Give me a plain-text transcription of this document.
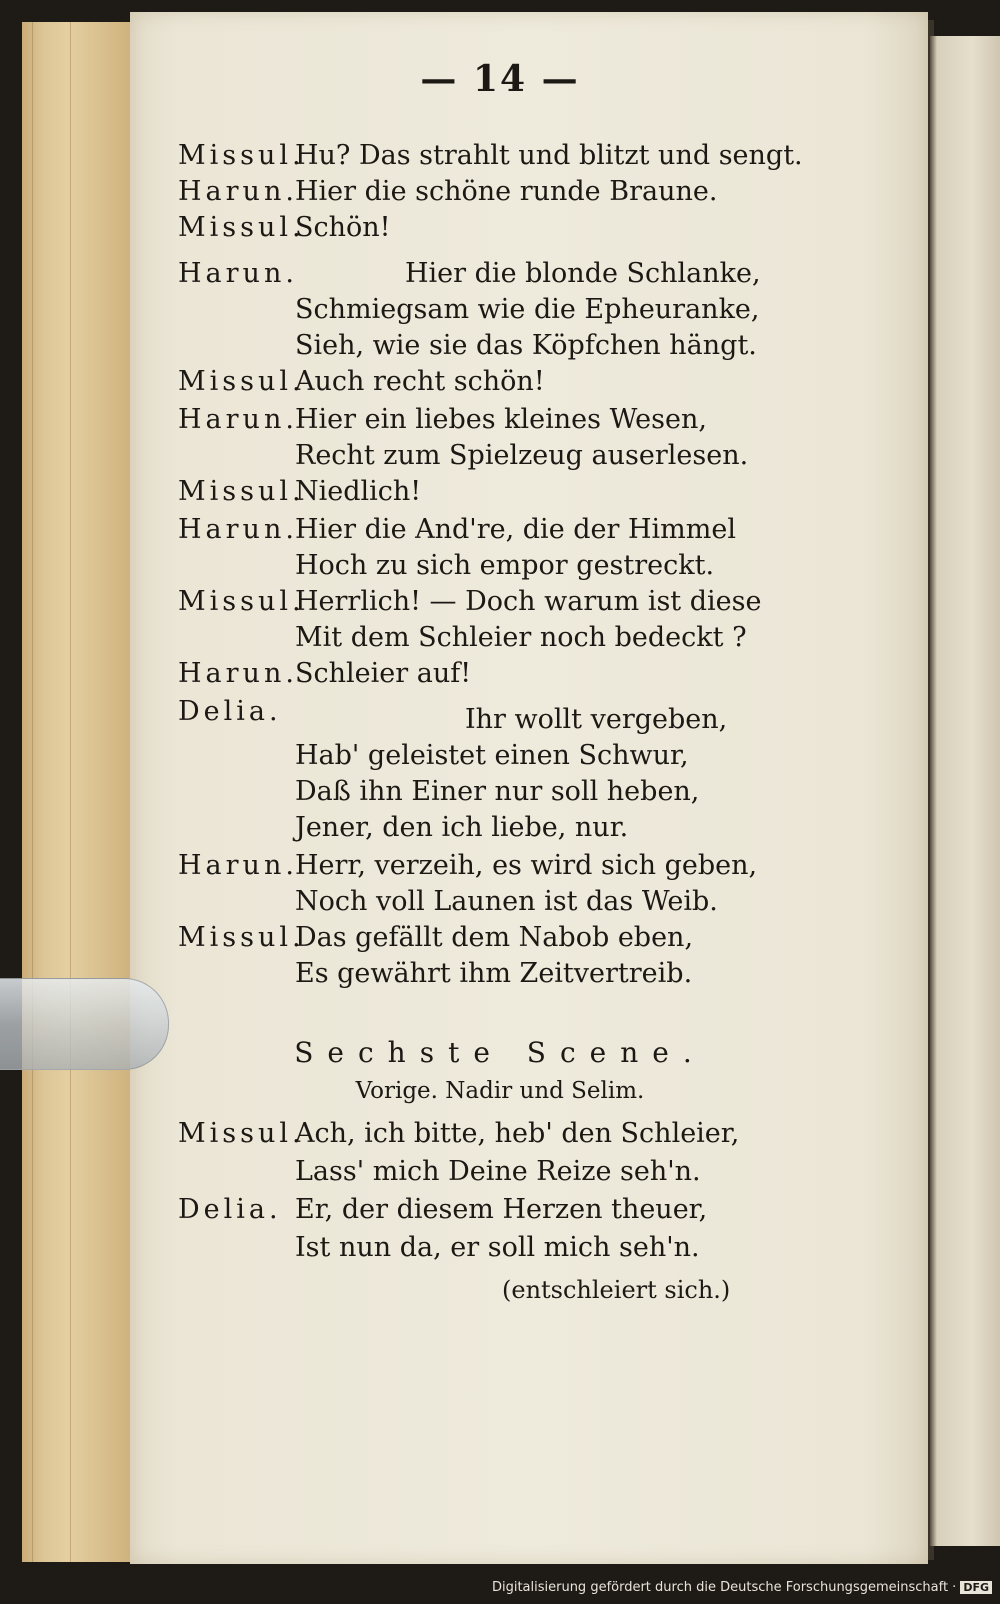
— 14 —
Missul.
Hu? Das strahlt und blitzt und sengt.
Harun.
Hier die schöne runde Braune.
Missul.
Schön!
Harun.	Hier die blonde Schlanke,
Schmiegsam wie die Epheuranke,
Sieh, wie sie das Köpfchen hängt.
Missul.
Auch recht schön!
Harun.
Hier ein liebes kleines Wesen,
Recht zum Spielzeug auserlesen.
Missul.
Niedlich!
Harun.
Hier die And're, die der Himmel
Hoch zu sich empor gestreckt.
Missul.
Herrlich! — Doch warum ist diese
Mit dem Schleier noch bedeckt ?
Harun.
Schleier auf!
Delia.	Ihr wollt vergeben,
Hab' geleistet einen Schwur,
Daß ihn Einer nur soll heben,
Jener, den ich liebe, nur.
Harun.
Herr, verzeih, es wird sich geben,
Noch voll Launen ist das Weib.
Missul.
Das gefällt dem Nabob eben,
Es gewährt ihm Zeitvertreib.
Sechste Scene.
Vorige. Nadir und Selim.
Missul.
Ach, ich bitte, heb' den Schleier,
Lass' mich Deine Reize seh'n.
Delia. Er, der diesem Herzen theuer,
Ist nun da, er soll mich seh'n.
(entschleiert sich.)
Digitalisierung gefördert durch die Deutsche Forschungsgemeinschaft · DFG
